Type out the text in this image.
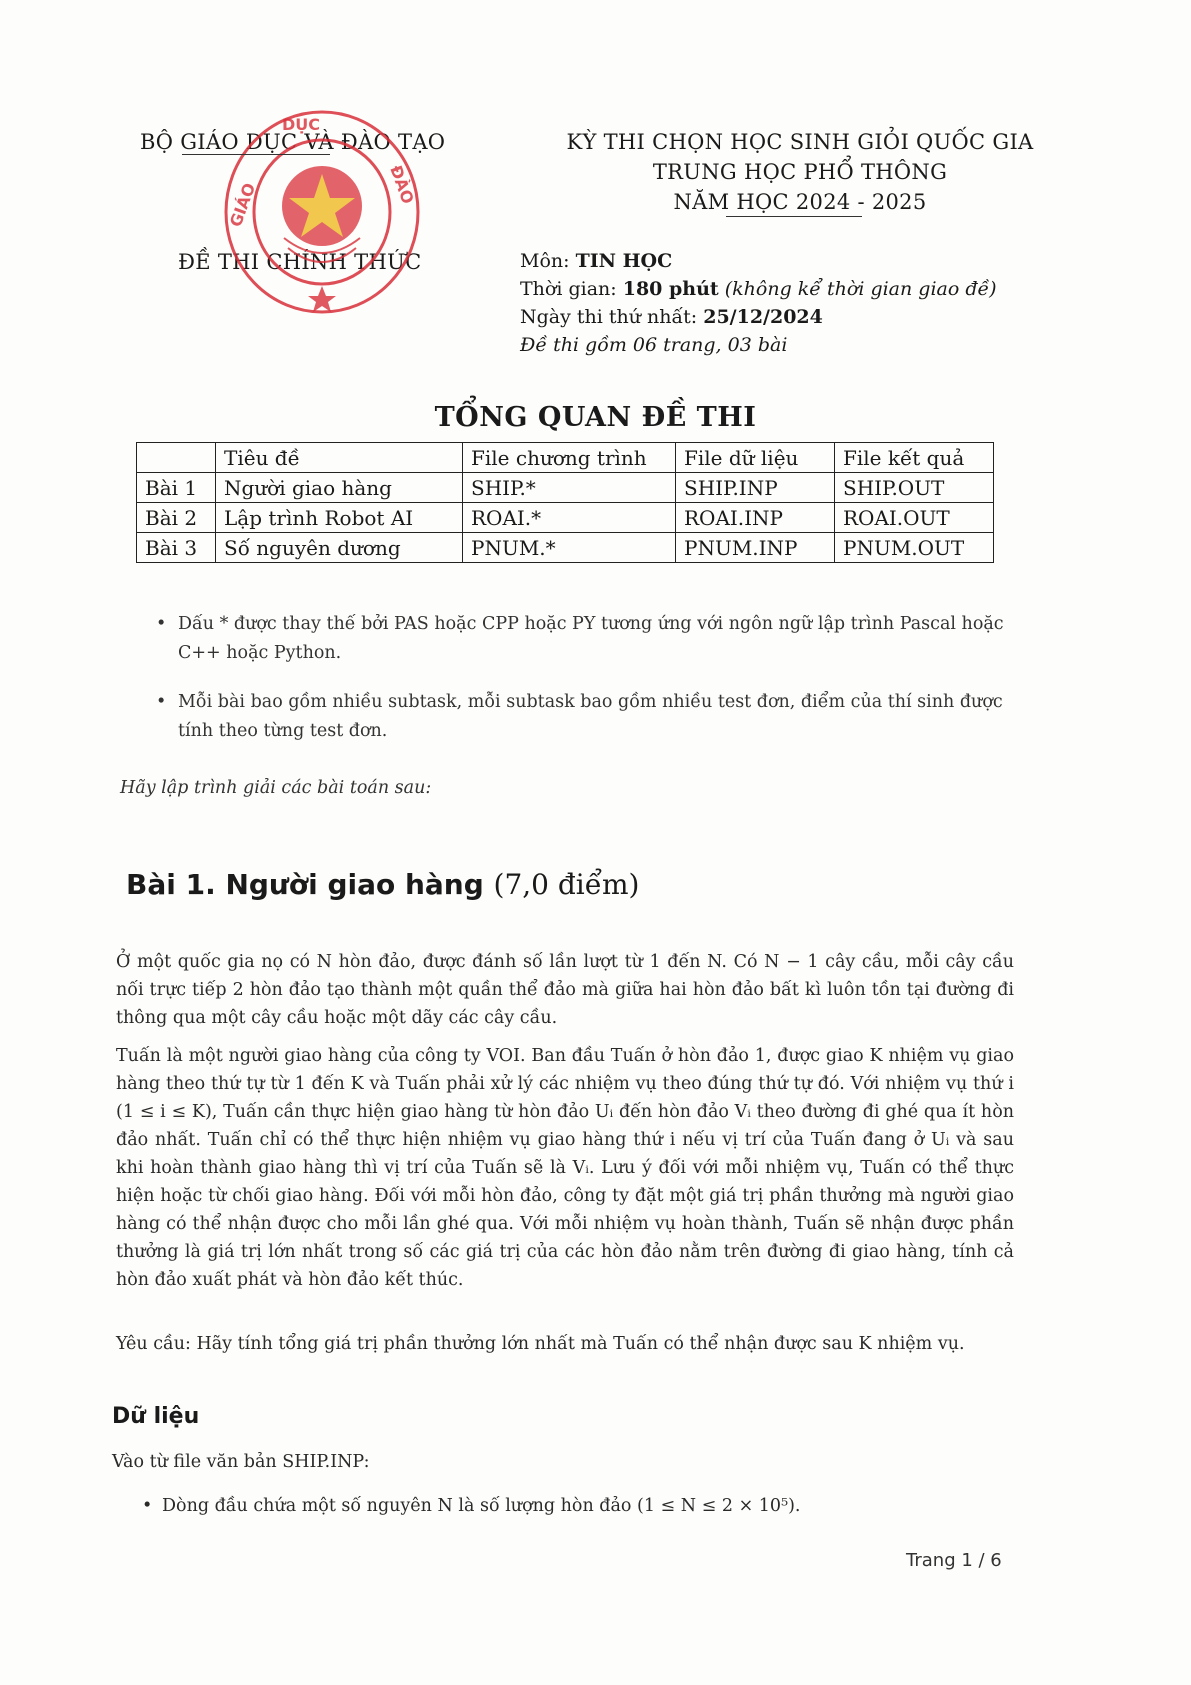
BỘ GIÁO DỤC VÀ ĐÀO TẠO
ĐỀ THI CHÍNH THỨC
GIÁO	ĐÀO
DỤC
KỲ THI CHỌN HỌC SINH GIỎI QUỐC GIA
TRUNG HỌC PHỔ THÔNG
NĂM HỌC 2024 - 2025
Môn: TIN HỌC
Thời gian: 180 phút (không kể thời gian giao đề)
Ngày thi thứ nhất: 25/12/2024
Đề thi gồm 06 trang, 03 bài
TỔNG QUAN ĐỀ THI
	Tiêu đề	File chương trình	File dữ liệu	File kết quả
Bài 1	Người giao hàng	SHIP.*	SHIP.INP	SHIP.OUT
Bài 2	Lập trình Robot AI	ROAI.*	ROAI.INP	ROAI.OUT
Bài 3	Số nguyên dương	PNUM.*	PNUM.INP	PNUM.OUT
• Dấu * được thay thế bởi PAS hoặc CPP hoặc PY tương ứng với ngôn ngữ lập trình Pascal hoặc C++ hoặc Python.
• Mỗi bài bao gồm nhiều subtask, mỗi subtask bao gồm nhiều test đơn, điểm của thí sinh được tính theo từng test đơn.
Hãy lập trình giải các bài toán sau:
Bài 1. Người giao hàng (7,0 điểm)
Ở một quốc gia nọ có N hòn đảo, được đánh số lần lượt từ 1 đến N. Có N − 1 cây cầu, mỗi cây cầu nối trực tiếp 2 hòn đảo tạo thành một quần thể đảo mà giữa hai hòn đảo bất kì luôn tồn tại đường đi thông qua một cây cầu hoặc một dãy các cây cầu.
Tuấn là một người giao hàng của công ty VOI. Ban đầu Tuấn ở hòn đảo 1, được giao K nhiệm vụ giao hàng theo thứ tự từ 1 đến K và Tuấn phải xử lý các nhiệm vụ theo đúng thứ tự đó. Với nhiệm vụ thứ i (1 ≤ i ≤ K), Tuấn cần thực hiện giao hàng từ hòn đảo Uᵢ đến hòn đảo Vᵢ theo đường đi ghé qua ít hòn đảo nhất. Tuấn chỉ có thể thực hiện nhiệm vụ giao hàng thứ i nếu vị trí của Tuấn đang ở Uᵢ và sau khi hoàn thành giao hàng thì vị trí của Tuấn sẽ là Vᵢ. Lưu ý đối với mỗi nhiệm vụ, Tuấn có thể thực hiện hoặc từ chối giao hàng. Đối với mỗi hòn đảo, công ty đặt một giá trị phần thưởng mà người giao hàng có thể nhận được cho mỗi lần ghé qua. Với mỗi nhiệm vụ hoàn thành, Tuấn sẽ nhận được phần thưởng là giá trị lớn nhất trong số các giá trị của các hòn đảo nằm trên đường đi giao hàng, tính cả hòn đảo xuất phát và hòn đảo kết thúc.
Yêu cầu: Hãy tính tổng giá trị phần thưởng lớn nhất mà Tuấn có thể nhận được sau K nhiệm vụ.
Dữ liệu
Vào từ file văn bản SHIP.INP:
• Dòng đầu chứa một số nguyên N là số lượng hòn đảo (1 ≤ N ≤ 2 × 10⁵).
Trang 1 / 6
